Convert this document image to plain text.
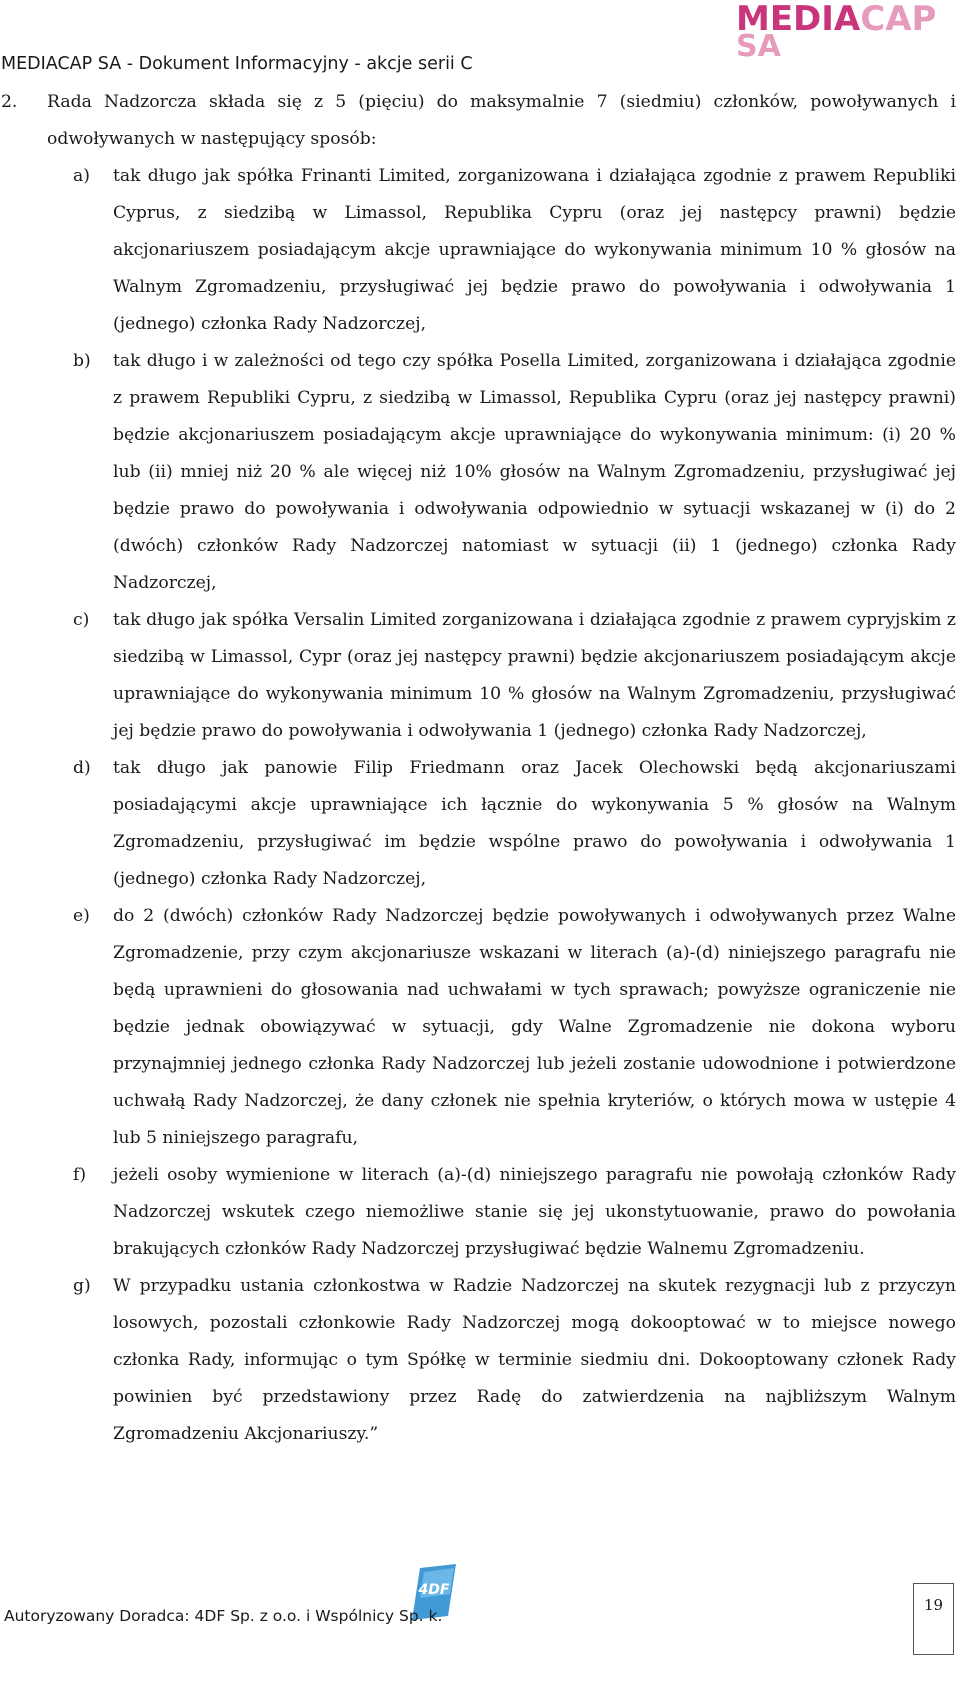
MEDIACAP
SA
MEDIACAP SA - Dokument Informacyjny - akcje serii C
2. Rada Nadzorcza składa się z 5 (pięciu) do maksymalnie 7 (siedmiu) członków, powoływanych i odwoływanych w następujący sposób:
a) tak długo jak spółka Frinanti Limited, zorganizowana i działająca zgodnie z prawem Republiki Cyprus, z siedzibą w Limassol, Republika Cypru (oraz jej następcy prawni) będzie akcjonariuszem posiadającym akcje uprawniające do wykonywania minimum 10 % głosów na Walnym Zgromadzeniu, przysługiwać jej będzie prawo do powoływania i odwoływania 1 (jednego) członka Rady Nadzorczej,
b) tak długo i w zależności od tego czy spółka Posella Limited, zorganizowana i działająca zgodnie z prawem Republiki Cypru, z siedzibą w Limassol, Republika Cypru (oraz jej następcy prawni) będzie akcjonariuszem posiadającym akcje uprawniające do wykonywania minimum: (i) 20 % lub (ii) mniej niż 20 % ale więcej niż 10% głosów na Walnym Zgromadzeniu, przysługiwać jej będzie prawo do powoływania i odwoływania odpowiednio w sytuacji wskazanej w (i) do 2 (dwóch) członków Rady Nadzorczej natomiast w sytuacji (ii) 1 (jednego) członka Rady Nadzorczej,
c) tak długo jak spółka Versalin Limited zorganizowana i działająca zgodnie z prawem cypryjskim z siedzibą w Limassol, Cypr (oraz jej następcy prawni) będzie akcjonariuszem posiadającym akcje uprawniające do wykonywania minimum 10 % głosów na Walnym Zgromadzeniu, przysługiwać jej będzie prawo do powoływania i odwoływania 1 (jednego) członka Rady Nadzorczej,
d) tak długo jak panowie Filip Friedmann oraz Jacek Olechowski będą akcjonariuszami posiadającymi akcje uprawniające ich łącznie do wykonywania 5 % głosów na Walnym Zgromadzeniu, przysługiwać im będzie wspólne prawo do powoływania i odwoływania 1 (jednego) członka Rady Nadzorczej,
e) do 2 (dwóch) członków Rady Nadzorczej będzie powoływanych i odwoływanych przez Walne Zgromadzenie, przy czym akcjonariusze wskazani w literach (a)-(d) niniejszego paragrafu nie będą uprawnieni do głosowania nad uchwałami w tych sprawach; powyższe ograniczenie nie będzie jednak obowiązywać w sytuacji, gdy Walne Zgromadzenie nie dokona wyboru przynajmniej jednego członka Rady Nadzorczej lub jeżeli zostanie udowodnione i potwierdzone uchwałą Rady Nadzorczej, że dany członek nie spełnia kryteriów, o których mowa w ustępie 4 lub 5 niniejszego paragrafu,
f) jeżeli osoby wymienione w literach (a)-(d) niniejszego paragrafu nie powołają członków Rady Nadzorczej wskutek czego niemożliwe stanie się jej ukonstytuowanie, prawo do powołania brakujących członków Rady Nadzorczej przysługiwać będzie Walnemu Zgromadzeniu.
g) W przypadku ustania członkostwa w Radzie Nadzorczej na skutek rezygnacji lub z przyczyn losowych, pozostali członkowie Rady Nadzorczej mogą dokooptować w to miejsce nowego członka Rady, informując o tym Spółkę w terminie siedmiu dni. Dokooptowany członek Rady powinien być przedstawiony przez Radę do zatwierdzenia na najbliższym Walnym Zgromadzeniu Akcjonariuszy.”
4DF
Autoryzowany Doradca: 4DF Sp. z o.o. i Wspólnicy Sp. k.
19
